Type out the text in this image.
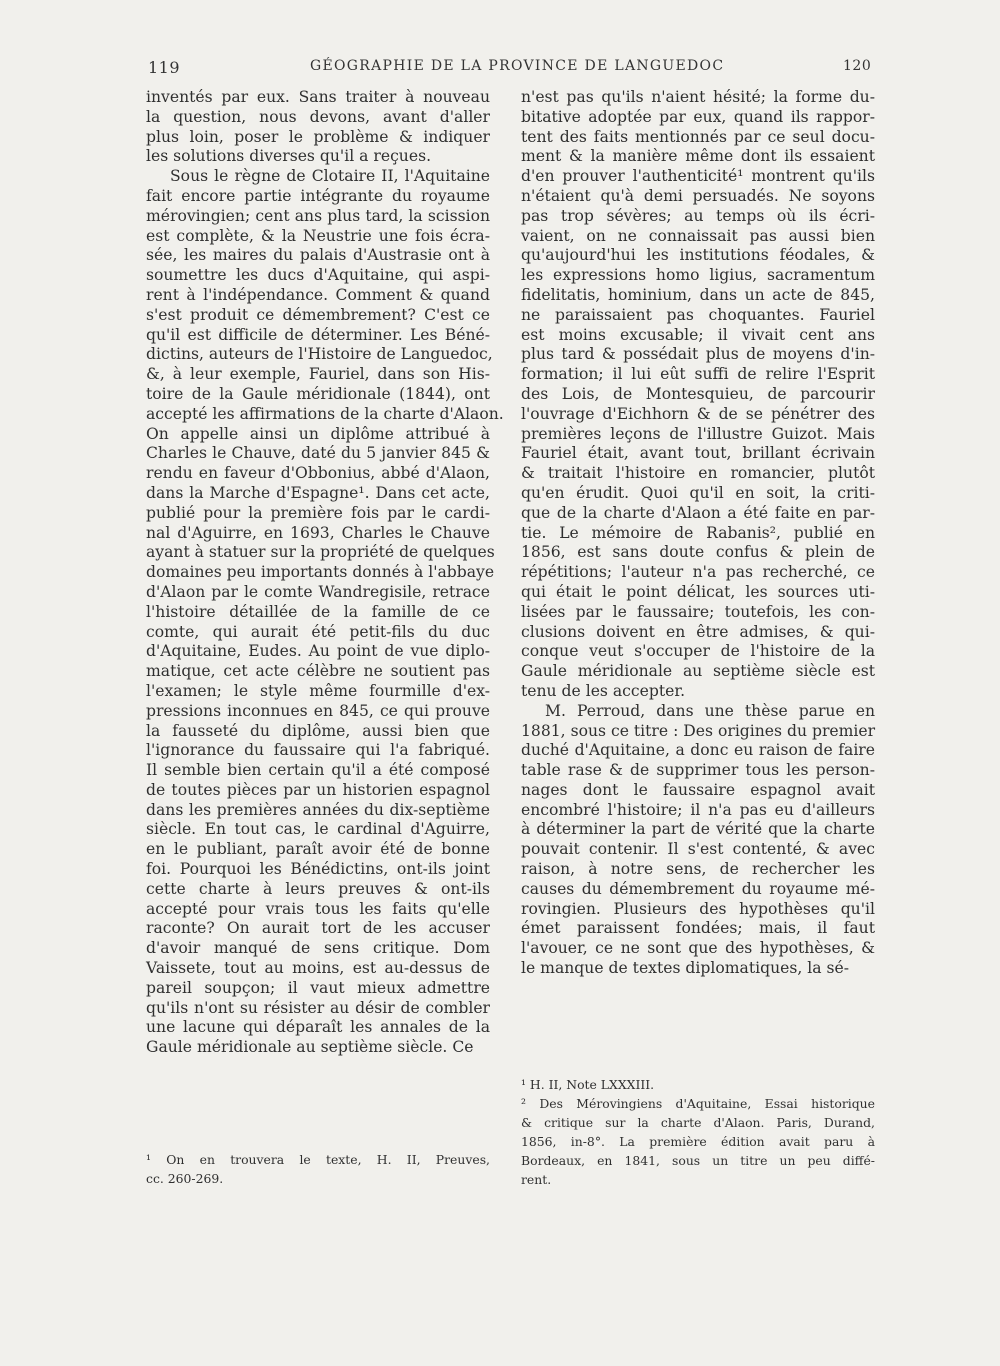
119	GÉOGRAPHIE DE LA PROVINCE DE LANGUEDOC	120

inventés par eux. Sans traiter à nouveau
la question, nous devons, avant d'aller
plus loin, poser le problème & indiquer
les solutions diverses qu'il a reçues.

Sous le règne de Clotaire II, l'Aquitaine
fait encore partie intégrante du royaume
mérovingien; cent ans plus tard, la scission
est complète, & la Neustrie une fois écra-
sée, les maires du palais d'Austrasie ont à
soumettre les ducs d'Aquitaine, qui aspi-
rent à l'indépendance. Comment & quand
s'est produit ce démembrement? C'est ce
qu'il est difficile de déterminer. Les Béné-
dictins, auteurs de l'Histoire de Languedoc,
&, à leur exemple, Fauriel, dans son His-
toire de la Gaule méridionale (1844), ont
accepté les affirmations de la charte d'Alaon.
On appelle ainsi un diplôme attribué à
Charles le Chauve, daté du 5 janvier 845 &
rendu en faveur d'Obbonius, abbé d'Alaon,
dans la Marche d'Espagne¹. Dans cet acte,
publié pour la première fois par le cardi-
nal d'Aguirre, en 1693, Charles le Chauve
ayant à statuer sur la propriété de quelques
domaines peu importants donnés à l'abbaye
d'Alaon par le comte Wandregisile, retrace
l'histoire détaillée de la famille de ce
comte, qui aurait été petit-fils du duc
d'Aquitaine, Eudes. Au point de vue diplo-
matique, cet acte célèbre ne soutient pas
l'examen; le style même fourmille d'ex-
pressions inconnues en 845, ce qui prouve
la fausseté du diplôme, aussi bien que
l'ignorance du faussaire qui l'a fabriqué.
Il semble bien certain qu'il a été composé
de toutes pièces par un historien espagnol
dans les premières années du dix-septième
siècle. En tout cas, le cardinal d'Aguirre,
en le publiant, paraît avoir été de bonne
foi. Pourquoi les Bénédictins, ont-ils joint
cette charte à leurs preuves & ont-ils
accepté pour vrais tous les faits qu'elle
raconte? On aurait tort de les accuser
d'avoir manqué de sens critique. Dom
Vaissete, tout au moins, est au-dessus de
pareil soupçon; il vaut mieux admettre
qu'ils n'ont su résister au désir de combler
une lacune qui déparaît les annales de la
Gaule méridionale au septième siècle. Ce

n'est pas qu'ils n'aient hésité; la forme du-
bitative adoptée par eux, quand ils rappor-
tent des faits mentionnés par ce seul docu-
ment & la manière même dont ils essaient
d'en prouver l'authenticité¹ montrent qu'ils
n'étaient qu'à demi persuadés. Ne soyons
pas trop sévères; au temps où ils écri-
vaient, on ne connaissait pas aussi bien
qu'aujourd'hui les institutions féodales, &
les expressions homo ligius, sacramentum
fidelitatis, hominium, dans un acte de 845,
ne paraissaient pas choquantes. Fauriel
est moins excusable; il vivait cent ans
plus tard & possédait plus de moyens d'in-
formation; il lui eût suffi de relire l'Esprit
des Lois, de Montesquieu, de parcourir
l'ouvrage d'Eichhorn & de se pénétrer des
premières leçons de l'illustre Guizot. Mais
Fauriel était, avant tout, brillant écrivain
& traitait l'histoire en romancier, plutôt
qu'en érudit. Quoi qu'il en soit, la criti-
que de la charte d'Alaon a été faite en par-
tie. Le mémoire de Rabanis², publié en
1856, est sans doute confus & plein de
répétitions; l'auteur n'a pas recherché, ce
qui était le point délicat, les sources uti-
lisées par le faussaire; toutefois, les con-
clusions doivent en être admises, & qui-
conque veut s'occuper de l'histoire de la
Gaule méridionale au septième siècle est
tenu de les accepter.

M. Perroud, dans une thèse parue en
1881, sous ce titre : Des origines du premier
duché d'Aquitaine, a donc eu raison de faire
table rase & de supprimer tous les person-
nages dont le faussaire espagnol avait
encombré l'histoire; il n'a pas eu d'ailleurs
à déterminer la part de vérité que la charte
pouvait contenir. Il s'est contenté, & avec
raison, à notre sens, de rechercher les
causes du démembrement du royaume mé-
rovingien. Plusieurs des hypothèses qu'il
émet paraissent fondées; mais, il faut
l'avouer, ce ne sont que des hypothèses, &
le manque de textes diplomatiques, la sé-

¹ On en trouvera le texte, H. II, Preuves,
cc. 260-269.

¹ H. II, Note LXXXIII.
² Des Mérovingiens d'Aquitaine, Essai historique
& critique sur la charte d'Alaon. Paris, Durand,
1856, in-8°. La première édition avait paru à
Bordeaux, en 1841, sous un titre un peu diffé-
rent.
